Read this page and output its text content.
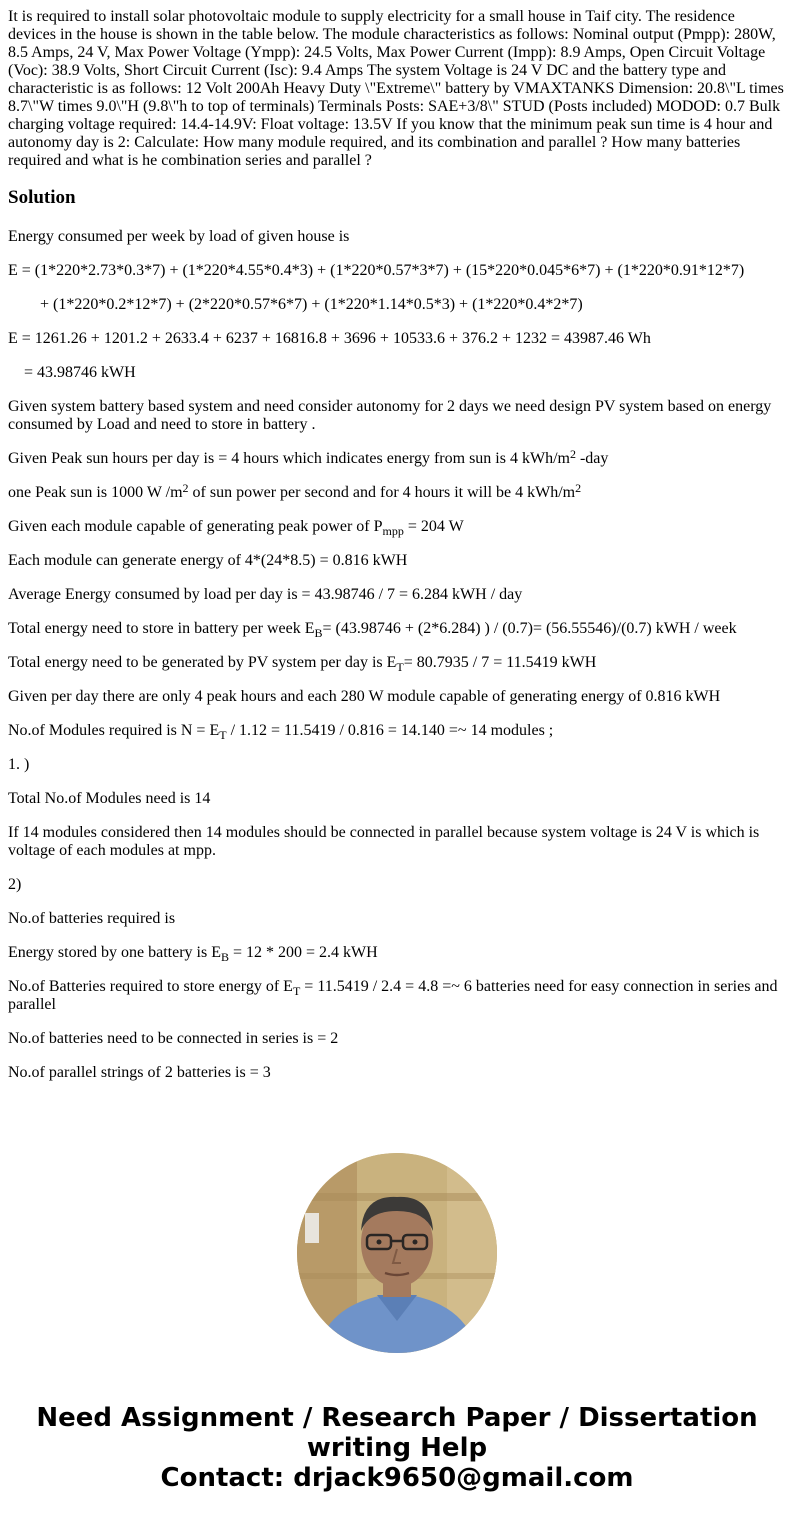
It is required to install solar photovoltaic module to supply electricity for a small house in Taif city. The residence devices in the house is shown in the table below. The module characteristics as follows: Nominal output (Pmpp): 280W, 8.5 Amps, 24 V, Max Power Voltage (Ympp): 24.5 Volts, Max Power Current (Impp): 8.9 Amps, Open Circuit Voltage (Voc): 38.9 Volts, Short Circuit Current (Isc): 9.4 Amps The system Voltage is 24 V DC and the battery type and characteristic is as follows: 12 Volt 200Ah Heavy Duty \"Extreme\" battery by VMAXTANKS Dimension: 20.8\"L times 8.7\"W times 9.0\"H (9.8\"h to top of terminals) Terminals Posts: SAE+3/8\" STUD (Posts included) MODOD: 0.7 Bulk charging voltage required: 14.4-14.9V: Float voltage: 13.5V If you know that the minimum peak sun time is 4 hour and autonomy day is 2: Calculate: How many module required, and its combination and parallel ? How many batteries required and what is he combination series and parallel ?

Solution

Energy consumed per week by load of given house is

E = (1*220*2.73*0.3*7) + (1*220*4.55*0.4*3) + (1*220*0.57*3*7) + (15*220*0.045*6*7) + (1*220*0.91*12*7)

+ (1*220*0.2*12*7) + (2*220*0.57*6*7) + (1*220*1.14*0.5*3) + (1*220*0.4*2*7)

E = 1261.26 + 1201.2 + 2633.4 + 6237 + 16816.8 + 3696 + 10533.6 + 376.2 + 1232 = 43987.46 Wh

= 43.98746 kWH

Given system battery based system and need consider autonomy for 2 days we need design PV system based on energy consumed by Load and need to store in battery .

Given Peak sun hours per day is = 4 hours which indicates energy from sun is 4 kWh/$m^2$ -day

one Peak sun is 1000 W $/m^2$ of sun power per second and for 4 hours it will be 4 kWh/$m^2$

Given each module capable of generating peak power of $P_{mpp} = 204$ W

Each module can generate energy of 4*(24*8.5) = 0.816 kWH

Average Energy consumed by load per day is = 43.98746 / 7 = 6.284 kWH / day

Total energy need to store in battery per week $E_B= (43.98746 + (2*6.284)$ ) / (0.7)= (56.55546)/(0.7) kWH / week

Total energy need to be generated by PV system per day is $E_T= 80.7935 / 7 = 11.5419$ kWH

Given per day there are only 4 peak hours and each 280 W module capable of generating energy of 0.816 kWH

No.of Modules required is $N = E_T / 1.12 = 11.5419 / 0.816 = 14.140$ =~ 14 modules ;

1. )

Total No.of Modules need is 14

If 14 modules considered then 14 modules should be connected in parallel because system voltage is 24 V is which is voltage of each modules at mpp.

2)

No.of batteries required is

Energy stored by one battery is $E_B = 12 * 200 = 2.4$ kWH

No.of Batteries required to store energy of $E_T = 11.5419 / 2.4 = 4.8$ =~ 6 batteries need for easy connection in series and parallel

No.of batteries need to be connected in series is = 2

No.of parallel strings of 2 batteries is = 3

Need Assignment / Research Paper / Dissertation
writing Help
Contact: drjack9650@gmail.com
